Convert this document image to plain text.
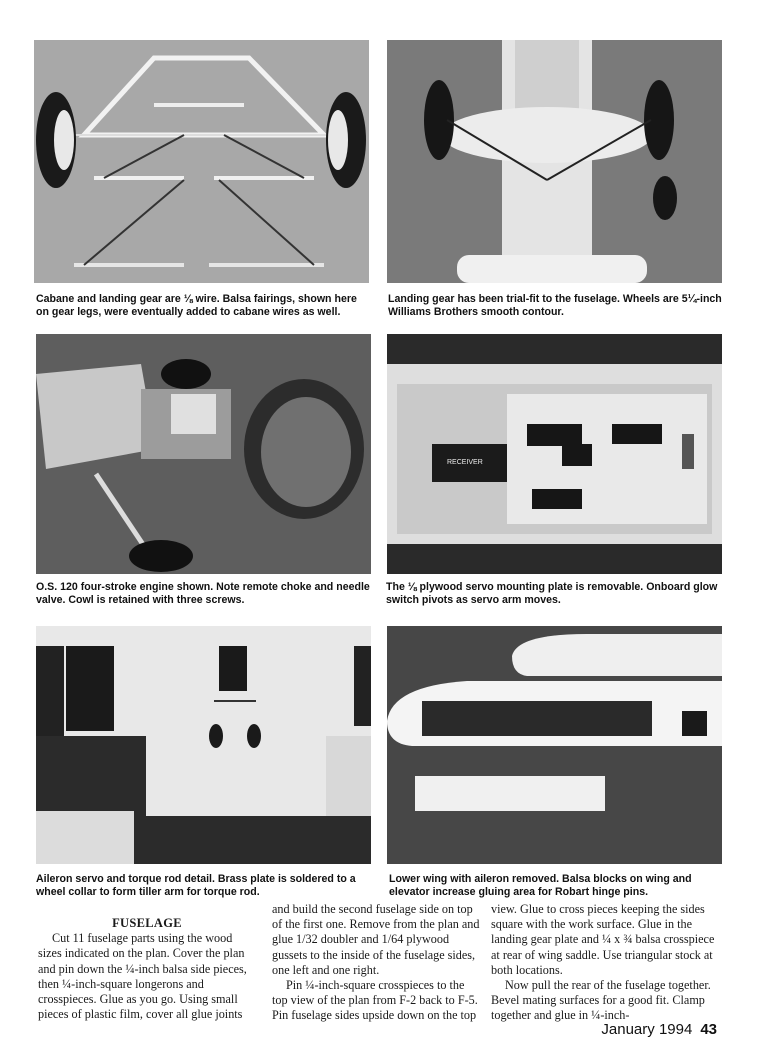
Cabane and landing gear are ⅛ wire. Balsa fairings, shown here on gear legs, were eventually added to cabane wires as well.
Landing gear has been trial-fit to the fuselage. Wheels are 5¼-inch Williams Brothers smooth contour.
O.S. 120 four-stroke engine shown. Note remote choke and needle valve. Cowl is retained with three screws.
RECEIVER
The ⅛ plywood servo mounting plate is removable. Onboard glow switch pivots as servo arm moves.
Aileron servo and torque rod detail. Brass plate is soldered to a wheel collar to form tiller arm for torque rod.
Lower wing with aileron removed. Balsa blocks on wing and elevator increase gluing area for Robart hinge pins.

FUSELAGE

Cut 11 fuselage parts using the wood sizes indicated on the plan. Cover the plan and pin down the ¼-inch balsa side pieces, then ¼-inch-square longerons and crosspieces. Glue as you go. Using small pieces of plastic film, cover all glue joints

and build the second fuselage side on top of the first one. Remove from the plan and glue 1/32 doubler and 1/64 plywood gussets to the inside of the fuselage sides, one left and one right.

Pin ¼-inch-square crosspieces to the top view of the plan from F-2 back to F-5. Pin fuselage sides upside down on the top

view. Glue to cross pieces keeping the sides square with the work surface. Glue in the landing gear plate and ¼ x ¾ balsa crosspiece at rear of wing saddle. Use triangular stock at both locations.

Now pull the rear of the fuselage together. Bevel mating surfaces for a good fit. Clamp together and glue in ¼-inch-

January 1994 43
